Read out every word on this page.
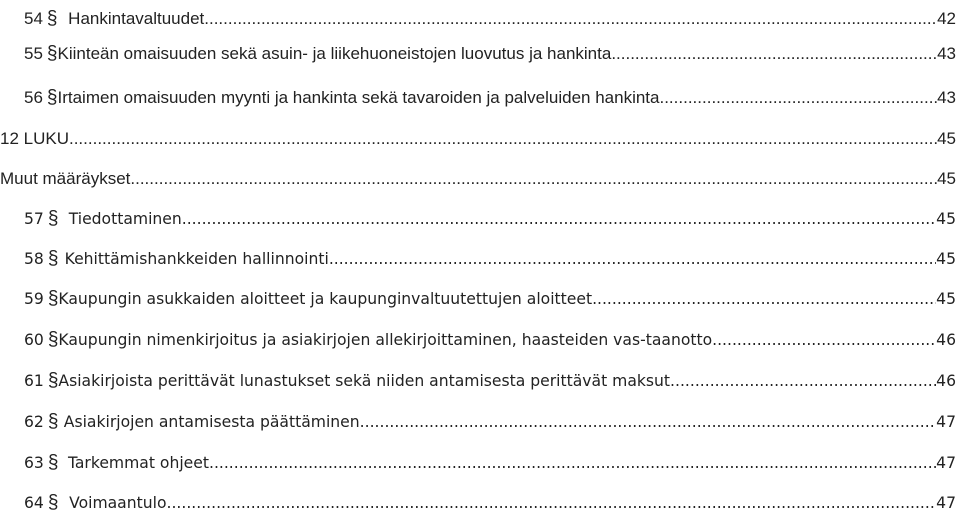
54 § Hankintavaltuudet .....	42
55 § Kiinteän omaisuuden sekä asuin- ja liikehuoneistojen luovutus ja hankinta .....	43
56 § Irtaimen omaisuuden myynti ja hankinta sekä tavaroiden ja palveluiden hankinta .....	43
12 LUKU .....	45
Muut määräykset .....	45
57 § Tiedottaminen .....	45
58 § Kehittämishankkeiden hallinnointi .....	45
59 § Kaupungin asukkaiden aloitteet ja kaupunginvaltuutettujen aloitteet .....	45
60 § Kaupungin nimenkirjoitus ja asiakirjojen allekirjoittaminen, haasteiden vas-taanotto .....	46
61 § Asiakirjoista perittävät lunastukset sekä niiden antamisesta perittävät maksut .....	46
62 § Asiakirjojen antamisesta päättäminen .....	47
63 § Tarkemmat ohjeet .....	47
64 § Voimaantulo .....	47
